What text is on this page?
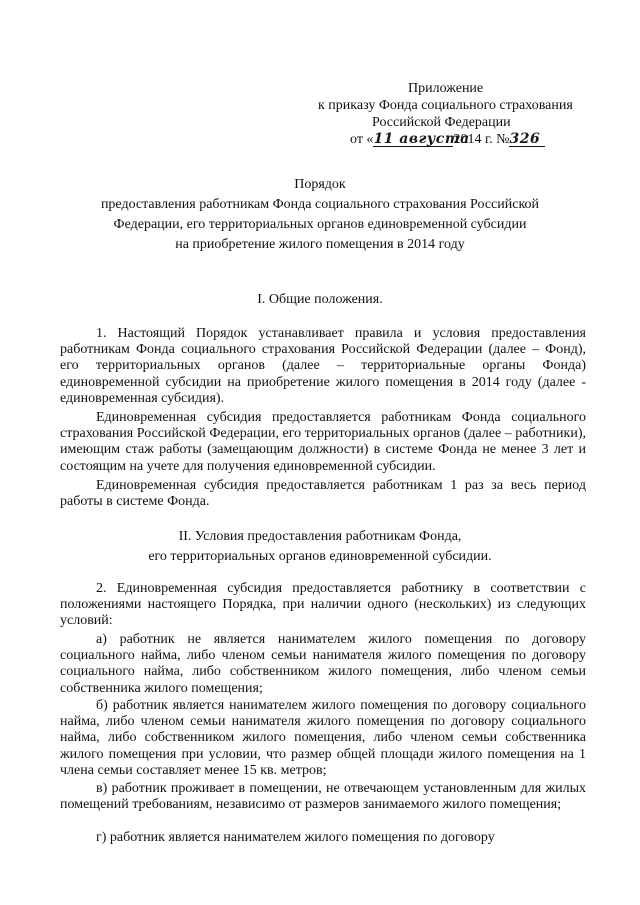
Приложение
к приказу Фонда социального страхования
Российской Федерации
от «11 августа2014 г. №326
Порядок
предоставления работникам Фонда социального страхования Российской
Федерации, его территориальных органов единовременной субсидии
на приобретение жилого помещения в 2014 году
I. Общие положения.
1. Настоящий Порядок устанавливает правила и условия предоставления работникам Фонда социального страхования Российской Федерации (далее – Фонд), его территориальных органов (далее – территориальные органы Фонда) единовременной субсидии на приобретение жилого помещения в 2014 году (далее - единовременная субсидия).
Единовременная субсидия предоставляется работникам Фонда социального страхования Российской Федерации, его территориальных органов (далее – работники), имеющим стаж работы (замещающим должности) в системе Фонда не менее 3 лет и состоящим на учете для получения единовременной субсидии.
Единовременная субсидия предоставляется работникам 1 раз за весь период работы в системе Фонда.
II. Условия предоставления работникам Фонда,
его территориальных органов единовременной субсидии.
2. Единовременная субсидия предоставляется работнику в соответствии с положениями настоящего Порядка, при наличии одного (нескольких) из следующих условий:
а) работник не является нанимателем жилого помещения по договору социального найма, либо членом семьи нанимателя жилого помещения по договору социального найма, либо собственником жилого помещения, либо членом семьи собственника жилого помещения;
б) работник является нанимателем жилого помещения по договору социального найма, либо членом семьи нанимателя жилого помещения по договору социального найма, либо собственником жилого помещения, либо членом семьи собственника жилого помещения при условии, что размер общей площади жилого помещения на 1 члена семьи составляет менее 15 кв. метров;
в) работник проживает в помещении, не отвечающем установленным для жилых помещений требованиям, независимо от размеров занимаемого жилого помещения;
г) работник является нанимателем жилого помещения по договору
